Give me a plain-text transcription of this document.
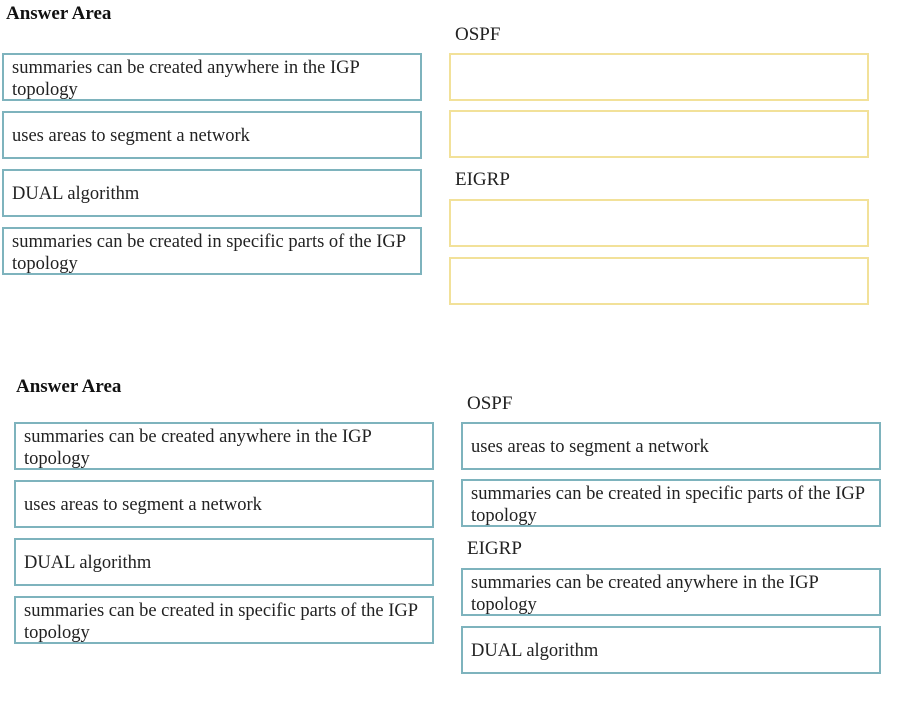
Answer Area
OSPF
EIGRP
summaries can be created anywhere in the IGP topology
uses areas to segment a network
DUAL algorithm
summaries can be created in specific parts of the IGP topology
Answer Area
OSPF
EIGRP
summaries can be created anywhere in the IGP topology
uses areas to segment a network
DUAL algorithm
summaries can be created in specific parts of the IGP topology
uses areas to segment a network
summaries can be created in specific parts of the IGP topology
summaries can be created anywhere in the IGP topology
DUAL algorithm
